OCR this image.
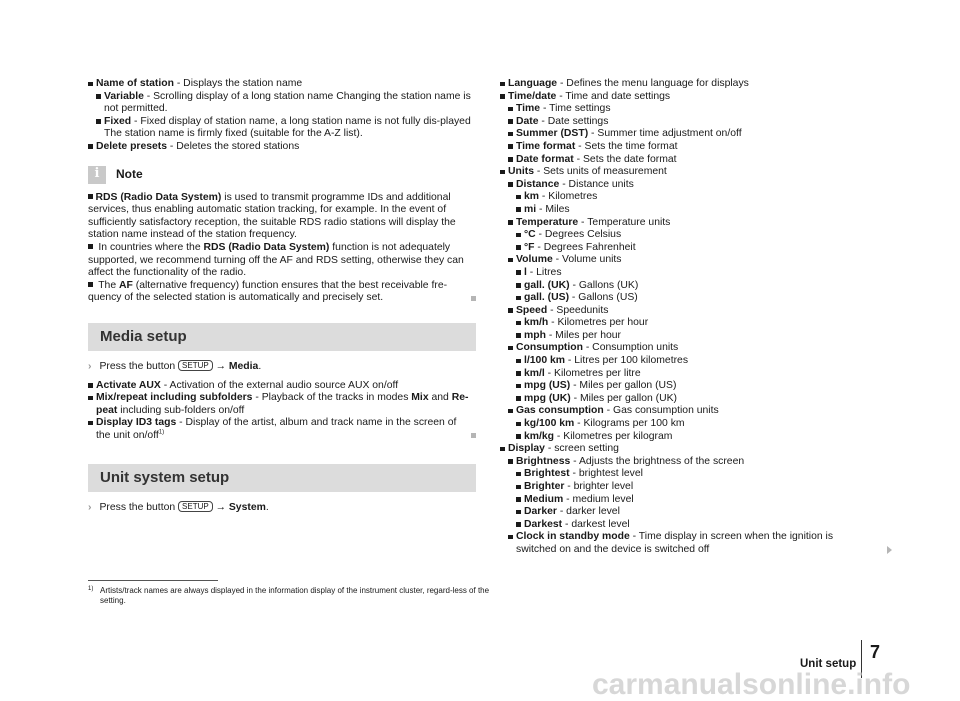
Name of station - Displays the station name
Variable - Scrolling display of a long station name Changing the station name is not permitted.
Fixed - Fixed display of station name, a long station name is not fully dis-played The station name is firmly fixed (suitable for the A-Z list).
Delete presets - Deletes the stored stations
i	Note
RDS (Radio Data System) is used to transmit programme IDs and additional services, thus enabling automatic station tracking, for example. In the event of sufficiently satisfactory reception, the suitable RDS radio stations will display the station name instead of the station frequency.
In countries where the RDS (Radio Data System) function is not adequately supported, we recommend turning off the AF and RDS setting, otherwise they can affect the functionality of the radio.
The AF (alternative frequency) function ensures that the best receivable fre-quency of the selected station is automatically and precisely set.
Media setup
› Press the button SETUP → Media.
Activate AUX - Activation of the external audio source AUX on/off
Mix/repeat including subfolders - Playback of the tracks in modes Mix and Re-peat including sub-folders on/off
Display ID3 tags - Display of the artist, album and track name in the screen of the unit on/off$^{1)}$
Unit system setup
› Press the button SETUP → System.
Language - Defines the menu language for displays
Time/date - Time and date settings
Time - Time settings
Date - Date settings
Summer (DST) - Summer time adjustment on/off
Time format - Sets the time format
Date format - Sets the date format
Units - Sets units of measurement
Distance - Distance units
km - Kilometres
mi - Miles
Temperature - Temperature units
°C - Degrees Celsius
°F - Degrees Fahrenheit
Volume - Volume units
l - Litres
gall. (UK) - Gallons (UK)
gall. (US) - Gallons (US)
Speed - Speedunits
km/h - Kilometres per hour
mph - Miles per hour
Consumption - Consumption units
l/100 km - Litres per 100 kilometres
km/l - Kilometres per litre
mpg (US) - Miles per gallon (US)
mpg (UK) - Miles per gallon (UK)
Gas consumption - Gas consumption units
kg/100 km - Kilograms per 100 km
km/kg - Kilometres per kilogram
Display - screen setting
Brightness - Adjusts the brightness of the screen
Brightest - brightest level
Brighter - brighter level
Medium - medium level
Darker - darker level
Darkest - darkest level
Clock in standby mode - Time display in screen when the ignition is switched on and the device is switched off
1) Artists/track names are always displayed in the information display of the instrument cluster, regard-less of the setting.
Unit setup
7
carmanualsonline.info
